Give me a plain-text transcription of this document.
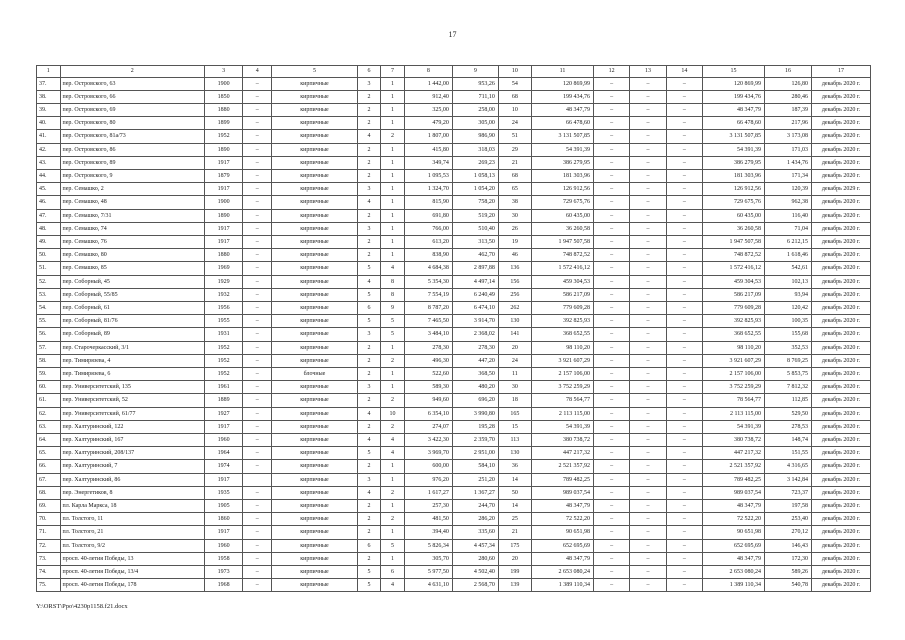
17
1	2	3	4	5	6	7	8	9	10	11	12	13	14	15	16	17
37.	пер. Островского, 63	1900	–	кирпичные	3	1	1 442,00	953,26	54	120 869,99	–	–	–	120 869,99	126,80	декабрь 2020 г.
38.	пер. Островского, 66	1850	–	кирпичные	2	1	912,40	711,10	68	199 434,76	–	–	–	199 434,76	280,46	декабрь 2020 г.
39.	пер. Островского, 69	1880	–	кирпичные	2	1	325,00	258,00	10	48 347,79	–	–	–	48 347,79	187,39	декабрь 2020 г.
40.	пер. Островского, 80	1899	–	кирпичные	2	1	479,20	305,00	24	66 478,60	–	–	–	66 478,60	217,96	декабрь 2020 г.
41.	пер. Островского, 81а/73	1952	–	кирпичные	4	2	1 807,00	986,90	51	3 131 507,85	–	–	–	3 131 507,85	3 173,08	декабрь 2020 г.
42.	пер. Островского, 86	1890	–	кирпичные	2	1	415,80	318,03	29	54 391,39	–	–	–	54 391,39	171,03	декабрь 2020 г.
43.	пер. Островского, 89	1917	–	кирпичные	2	1	349,74	269,23	21	386 279,95	–	–	–	386 279,95	1 434,76	декабрь 2020 г.
44.	пер. Островского, 9	1879	–	кирпичные	2	1	1 095,53	1 058,13	68	181 303,96	–	–	–	181 303,96	171,34	декабрь 2020 г.
45.	пер. Семашко, 2	1917	–	кирпичные	3	1	1 324,70	1 054,20	65	126 912,56	–	–	–	126 912,56	120,39	декабрь 2029 г.
46.	пер. Семашко, 48	1900	–	кирпичные	4	1	815,90	758,20	38	729 675,76	–	–	–	729 675,76	962,38	декабрь 2020 г.
47.	пер. Семашко, 7/31	1890	–	кирпичные	2	1	691,80	519,20	30	60 435,00	–	–	–	60 435,00	116,40	декабрь 2020 г.
48.	пер. Семашко, 74	1917	–	кирпичные	3	1	766,00	510,40	26	36 260,58	–	–	–	36 260,58	71,04	декабрь 2020 г.
49.	пер. Семашко, 76	1917	–	кирпичные	2	1	613,20	313,50	19	1 947 507,58	–	–	–	1 947 507,58	6 212,15	декабрь 2020 г.
50.	пер. Семашко, 80	1880	–	кирпичные	2	1	838,90	462,70	46	748 872,52	–	–	–	748 872,52	1 618,46	декабрь 2020 г.
51.	пер. Семашко, 85	1969	–	кирпичные	5	4	4 684,38	2 897,88	136	1 572 416,12	–	–	–	1 572 416,12	542,61	декабрь 2020 г.
52.	пер. Соборный, 45	1929	–	кирпичные	4	8	5 354,30	4 497,14	156	459 304,53	–	–	–	459 304,53	102,13	декабрь 2020 г.
53.	пер. Соборный, 55/85	1932	–	кирпичные	5	8	7 554,19	6 240,49	256	586 217,09	–	–	–	586 217,09	93,94	декабрь 2020 г.
54.	пер. Соборный, 61	1956	–	кирпичные	6	9	8 787,20	6 474,10	262	779 609,28	–	–	–	779 609,28	120,42	декабрь 2020 г.
55.	пер. Соборный, 81/76	1955	–	кирпичные	5	5	7 465,50	3 914,70	130	392 825,93	–	–	–	392 825,93	100,35	декабрь 2020 г.
56.	пер. Соборный, 89	1931	–	кирпичные	3	5	3 484,10	2 368,02	141	368 652,55	–	–	–	368 652,55	155,68	декабрь 2020 г.
57.	пер. Старочеркасский, 3/1	1952	–	кирпичные	2	1	278,30	278,30	20	98 110,20	–	–	–	98 110,20	352,53	декабрь 2020 г.
58.	пер. Тимирязева, 4	1952	–	кирпичные	2	2	496,30	447,20	24	3 921 607,29	–	–	–	3 921 607,29	8 769,25	декабрь 2020 г.
59.	пер. Тимирязева, 6	1952	–	блочные	2	1	522,60	368,50	11	2 157 106,00	–	–	–	2 157 106,00	5 853,75	декабрь 2020 г.
60.	пер. Университетский, 135	1961	–	кирпичные	3	1	589,30	480,20	30	3 752 259,29	–	–	–	3 752 259,29	7 812,32	декабрь 2020 г.
61.	пер. Университетский, 52	1889	–	кирпичные	2	2	949,60	696,20	18	78 564,77	–	–	–	78 564,77	112,85	декабрь 2020 г.
62.	пер. Университетский, 61/77	1927	–	кирпичные	4	10	6 354,10	3 990,80	165	2 113 115,00	–	–	–	2 113 115,00	529,50	декабрь 2020 г.
63.	пер. Халтуринский, 122	1917	–	кирпичные	2	2	274,07	195,28	15	54 391,39	–	–	–	54 391,39	278,53	декабрь 2020 г.
64.	пер. Халтуринский, 167	1960	–	кирпичные	4	4	3 422,30	2 359,70	113	380 738,72	–	–	–	380 738,72	148,74	декабрь 2020 г.
65.	пер. Халтуринский, 208/137	1964	–	кирпичные	5	4	3 969,70	2 951,00	130	447 217,32	–	–	–	447 217,32	151,55	декабрь 2020 г.
66.	пер. Халтуринский, 7	1974	–	кирпичные	2	1	600,00	584,10	36	2 521 357,92	–	–	–	2 521 357,92	4 316,65	декабрь 2020 г.
67.	пер. Халтуринский, 86	1917		кирпичные	3	1	976,20	251,20	14	789 482,25	–	–	–	789 482,25	3 142,84	декабрь 2020 г.
68.	пер. Энергетиков, 8	1935	–	кирпичные	4	2	1 617,27	1 367,27	50	989 037,54	–	–	–	989 037,54	723,37	декабрь 2020 г.
69.	пл. Карла Маркса, 18	1905	–	кирпичные	2	1	257,30	244,70	14	48 347,79	–	–	–	48 347,79	197,58	декабрь 2020 г.
70.	пл. Толстого, 11	1860	–	кирпичные	2	2	481,50	286,20	25	72 522,20	–	–	–	72 522,20	253,40	декабрь 2020 г.
71.	пл. Толстого, 21	1917	–	кирпичные	2	1	394,40	335,60	21	90 651,98	–	–	–	90 651,98	270,12	декабрь 2020 г.
72.	пл. Толстого, 9/2	1960	–	кирпичные	6	5	5 826,34	4 457,34	175	652 695,69	–	–	–	652 695,69	146,43	декабрь 2020 г.
73.	просп. 40-летия Победы, 13	1958	–	кирпичные	2	1	305,70	280,60	20	48 347,79	–	–	–	48 347,79	172,30	декабрь 2020 г.
74.	просп. 40-летия Победы, 13/4	1973	–	кирпичные	5	6	5 977,50	4 502,40	199	2 653 080,24	–	–	–	2 653 080,24	589,26	декабрь 2020 г.
75.	просп. 40-летия Победы, 178	1968	–	кирпичные	5	4	4 631,10	2 568,70	139	1 389 110,34	–	–	–	1 389 110,34	540,78	декабрь 2020 г.
Y:\ORST\Ppo\4230p1158.f21.docx
